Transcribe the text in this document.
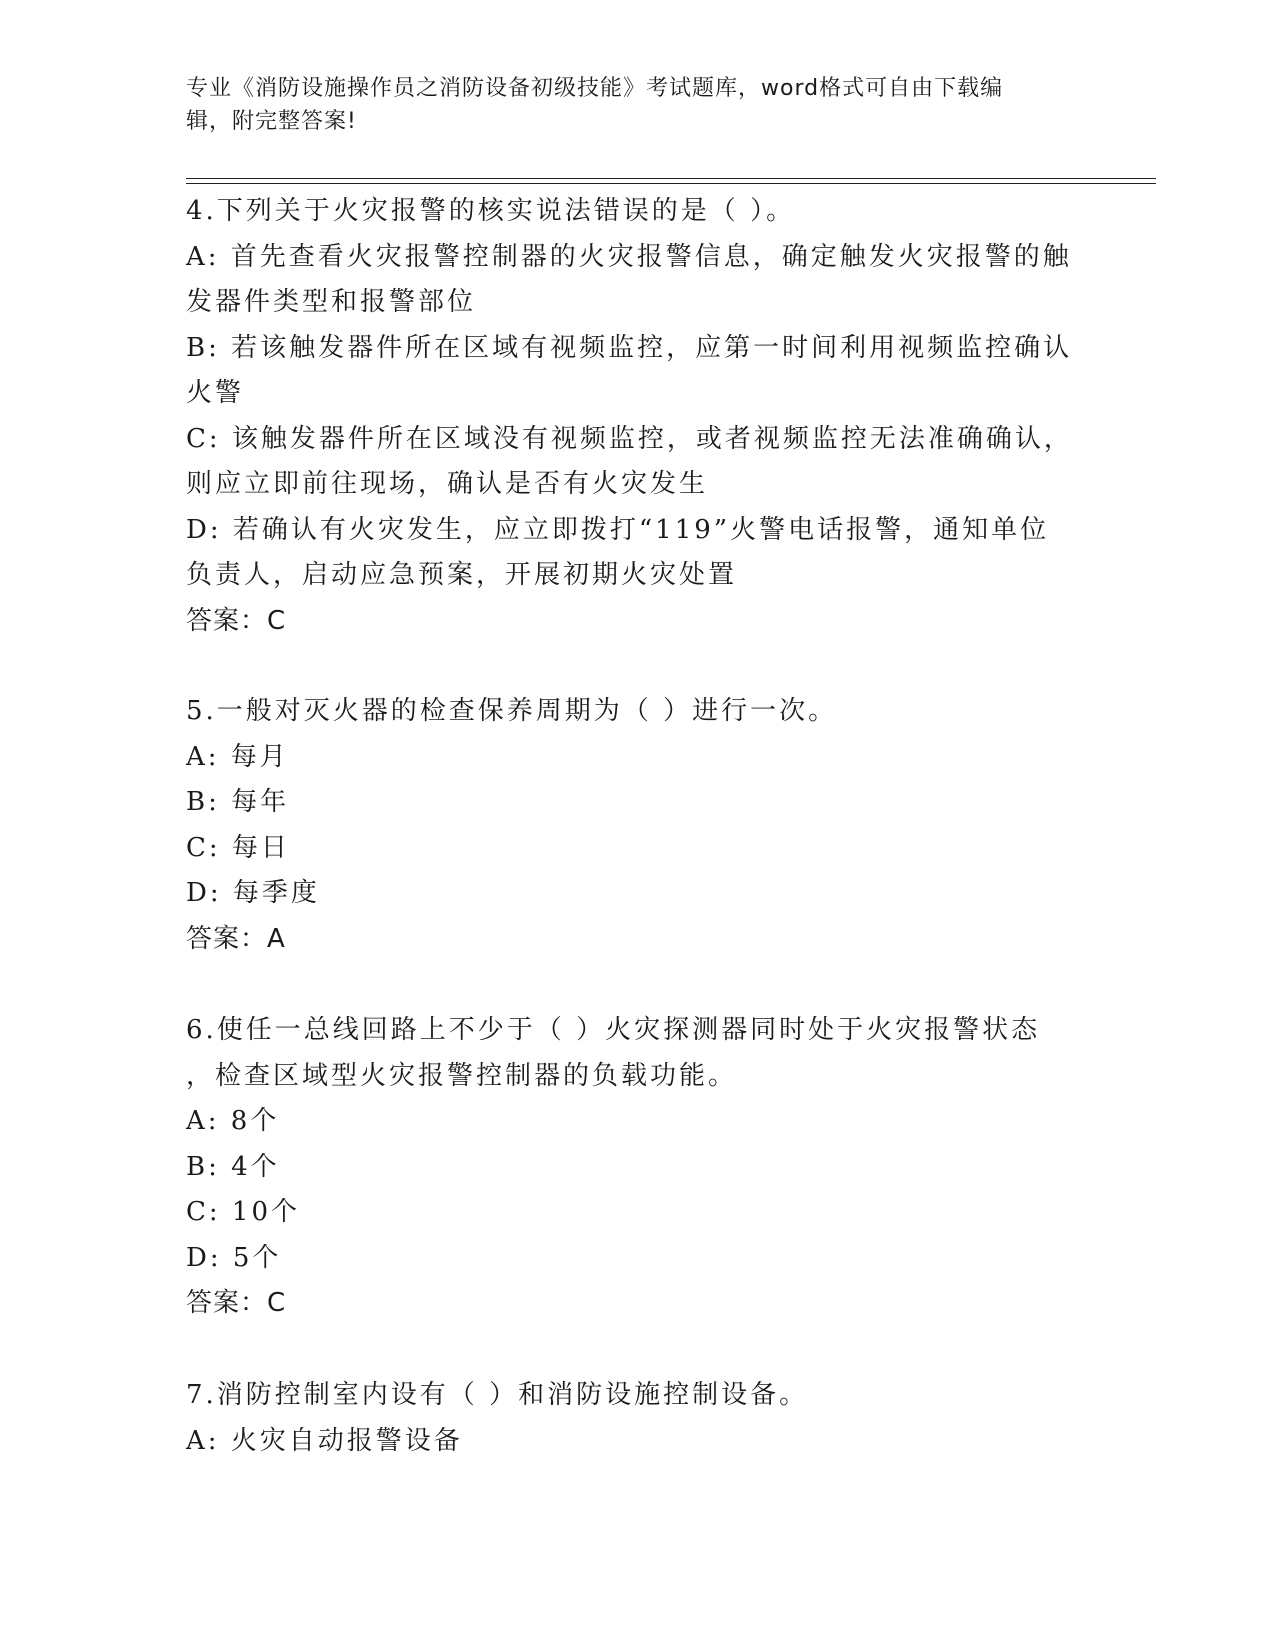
专业《消防设施操作员之消防设备初级技能》考试题库，word格式可自由下载编
辑，附完整答案!
4.下列关于火灾报警的核实说法错误的是（ ）。
A: 首先查看火灾报警控制器的火灾报警信息，确定触发火灾报警的触
发器件类型和报警部位
B: 若该触发器件所在区域有视频监控，应第一时间利用视频监控确认
火警
C: 该触发器件所在区域没有视频监控，或者视频监控无法准确确认，
则应立即前往现场，确认是否有火灾发生
D: 若确认有火灾发生，应立即拨打“119”火警电话报警，通知单位
负责人，启动应急预案，开展初期火灾处置
答案：C
5.一般对灭火器的检查保养周期为（ ）进行一次。
A: 每月
B: 每年
C: 每日
D: 每季度
答案：A
6.使任一总线回路上不少于（ ）火灾探测器同时处于火灾报警状态
，检查区域型火灾报警控制器的负载功能。
A: 8个
B: 4个
C: 10个
D: 5个
答案：C
7.消防控制室内设有（ ）和消防设施控制设备。
A: 火灾自动报警设备
